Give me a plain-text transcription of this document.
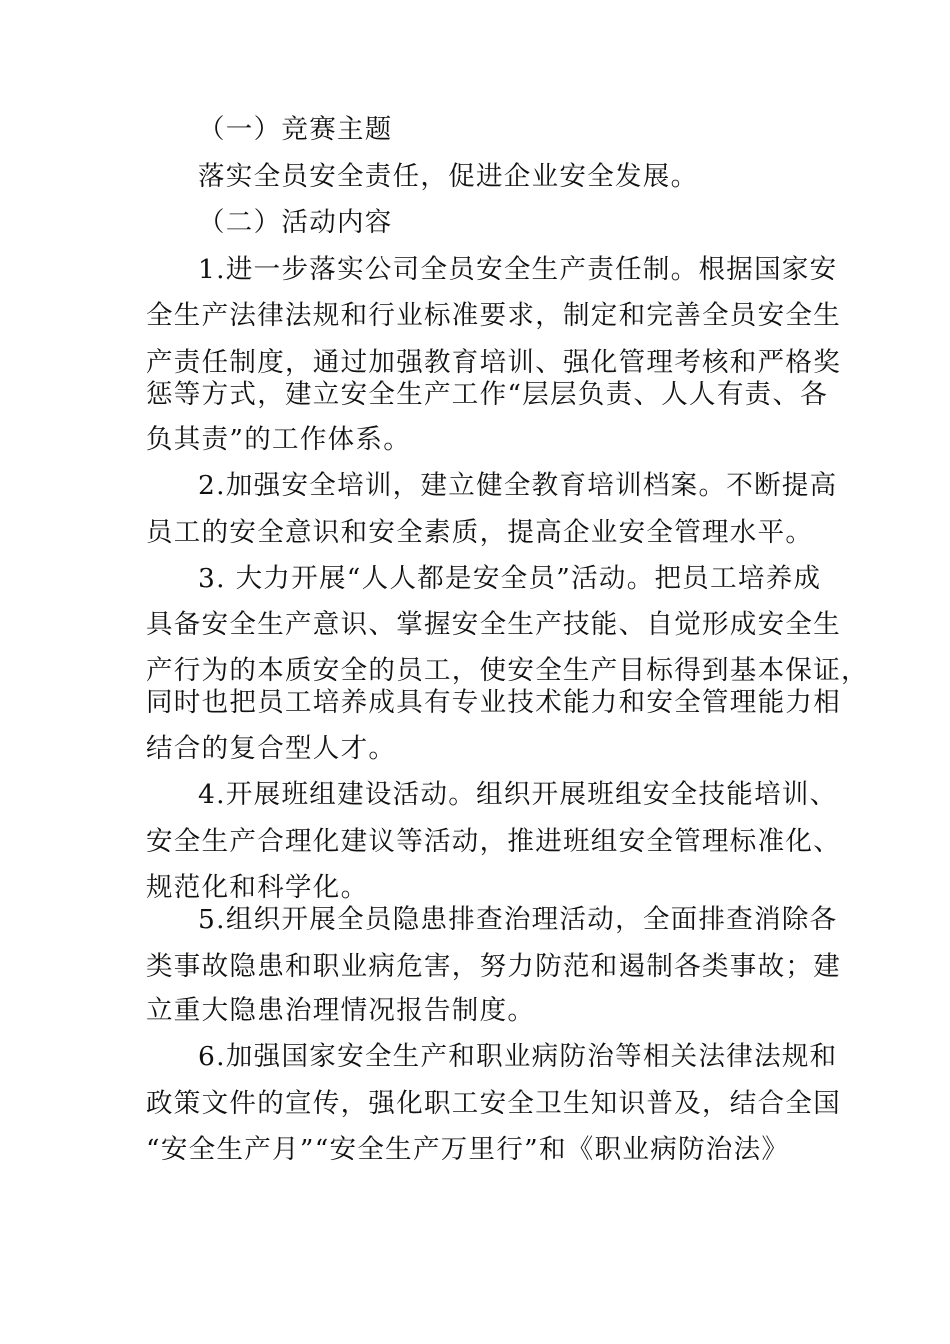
（一）竞赛主题
落实全员安全责任，促进企业安全发展。
（二）活动内容
1.进一步落实公司全员安全生产责任制。根据国家安
全生产法律法规和行业标准要求，制定和完善全员安全生
产责任制度，通过加强教育培训、强化管理考核和严格奖
惩等方式，建立安全生产工作“层层负责、人人有责、各
负其责”的工作体系。
2.加强安全培训，建立健全教育培训档案。不断提高
员工的安全意识和安全素质，提高企业安全管理水平。
3. 大力开展“人人都是安全员”活动。把员工培养成
具备安全生产意识、掌握安全生产技能、自觉形成安全生
产行为的本质安全的员工，使安全生产目标得到基本保证，
同时也把员工培养成具有专业技术能力和安全管理能力相
结合的复合型人才。
4.开展班组建设活动。组织开展班组安全技能培训、
安全生产合理化建议等活动，推进班组安全管理标准化、
规范化和科学化。
5.组织开展全员隐患排查治理活动，全面排查消除各
类事故隐患和职业病危害，努力防范和遏制各类事故；建
立重大隐患治理情况报告制度。
6.加强国家安全生产和职业病防治等相关法律法规和
政策文件的宣传，强化职工安全卫生知识普及，结合全国
“安全生产月”“安全生产万里行”和《职业病防治法》
